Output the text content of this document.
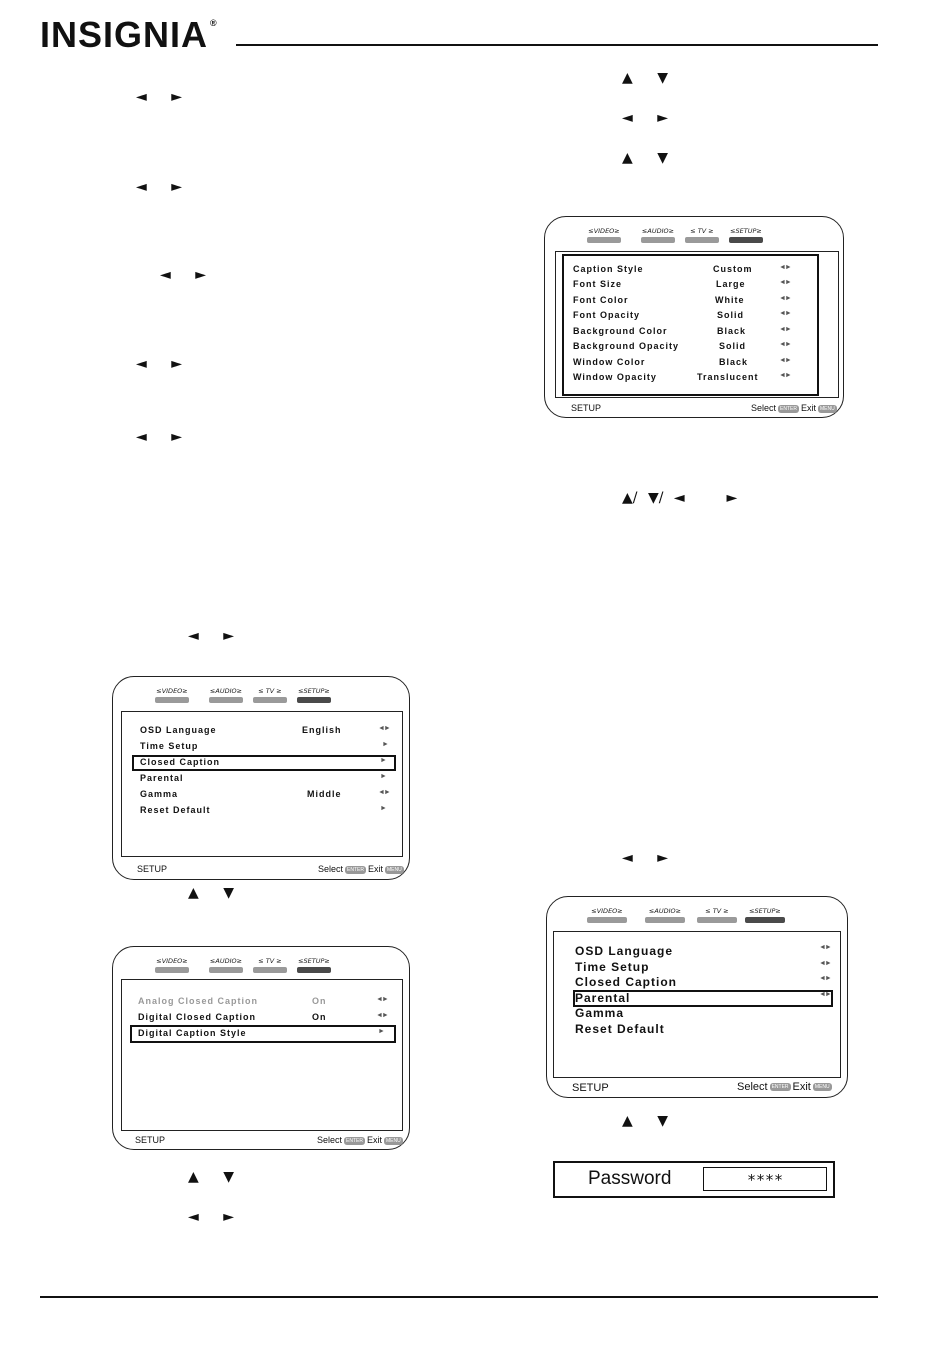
INSIGNIA ®
◄ ►
◄ ►
◄ ►
◄ ►
◄ ►
◄ ►
▲ ▼
▲ ▼
◄ ►
▲ ▼
◄ ►
▲ ▼
▲/ ▼/ ◄	►
◄ ►
▲ ▼
≤VIDEO≥	≤AUDIO≥	≤ TV ≥	≤SETUP≥
OSD Language	English	◄►
Time Setup	►
Closed Caption	►
Parental	►
Gamma	Middle	◄►
Reset Default	►
SETUP	Select ENTER Exit MENU
≤VIDEO≥	≤AUDIO≥	≤ TV ≥	≤SETUP≥
Analog Closed Caption	On	◄►
Digital Closed Caption	On	◄►
Digital Caption Style	►
SETUP	Select ENTER Exit MENU
≤VIDEO≥	≤AUDIO≥	≤ TV ≥	≤SETUP≥
Caption Style	Custom	◄►
Font Size	Large	◄►
Font Color	White	◄►
Font Opacity	Solid	◄►
Background Color	Black	◄►
Background Opacity	Solid	◄►
Window Color	Black	◄►
Window Opacity	Translucent	◄►
SETUP	Select ENTER Exit MENU
≤VIDEO≥	≤AUDIO≥	≤ TV ≥	≤SETUP≥
OSD Language	◄►
Time Setup	◄►
Closed Caption	◄►
Parental	◄►
Gamma
Reset Default
SETUP	Select ENTER Exit MENU
Password	****
